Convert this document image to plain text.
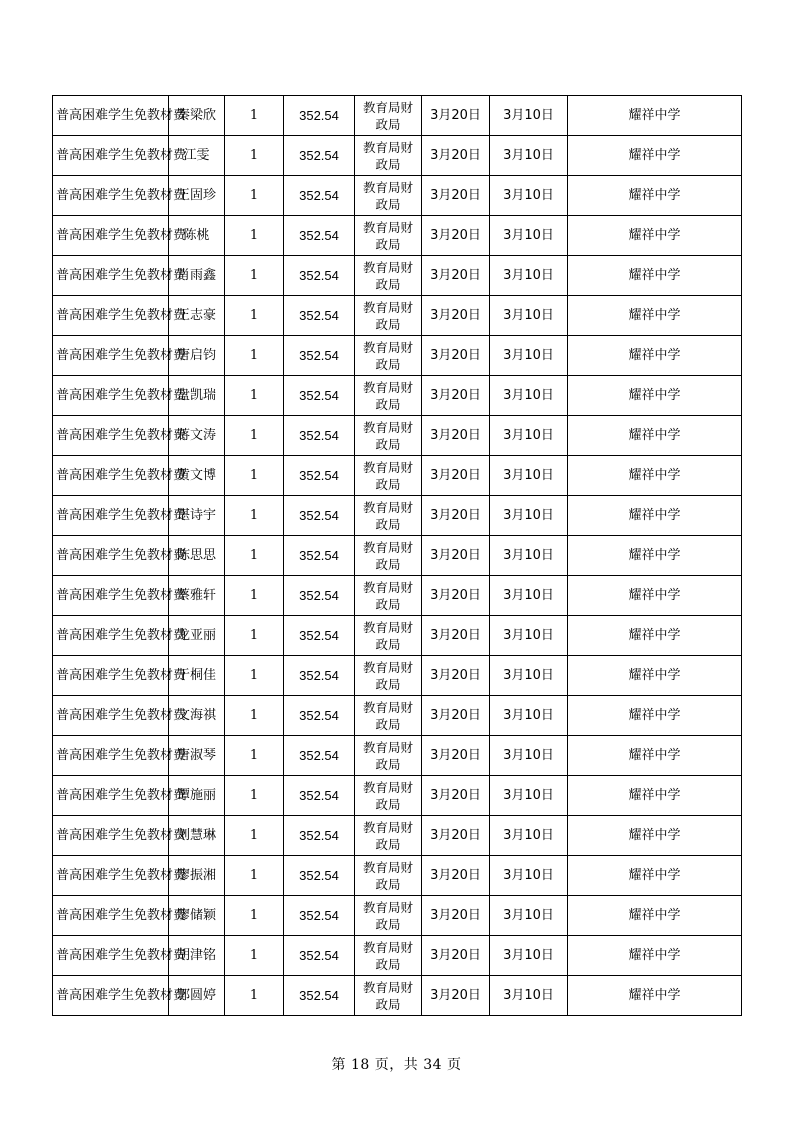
普高困难学生免教材费	秦梁欣	1	352.54	教育局财政局	3月20日	3月10日	耀祥中学
普高困难学生免教材费	江雯	1	352.54	教育局财政局	3月20日	3月10日	耀祥中学
普高困难学生免教材费	王固珍	1	352.54	教育局财政局	3月20日	3月10日	耀祥中学
普高困难学生免教材费	陈桃	1	352.54	教育局财政局	3月20日	3月10日	耀祥中学
普高困难学生免教材费	肖雨鑫	1	352.54	教育局财政局	3月20日	3月10日	耀祥中学
普高困难学生免教材费	王志豪	1	352.54	教育局财政局	3月20日	3月10日	耀祥中学
普高困难学生免教材费	唐启钧	1	352.54	教育局财政局	3月20日	3月10日	耀祥中学
普高困难学生免教材费	盘凯瑞	1	352.54	教育局财政局	3月20日	3月10日	耀祥中学
普高困难学生免教材费	蒋文涛	1	352.54	教育局财政局	3月20日	3月10日	耀祥中学
普高困难学生免教材费	黄文博	1	352.54	教育局财政局	3月20日	3月10日	耀祥中学
普高困难学生免教材费	谌诗宇	1	352.54	教育局财政局	3月20日	3月10日	耀祥中学
普高困难学生免教材费	陈思思	1	352.54	教育局财政局	3月20日	3月10日	耀祥中学
普高困难学生免教材费	蔡雅轩	1	352.54	教育局财政局	3月20日	3月10日	耀祥中学
普高困难学生免教材费	龙亚丽	1	352.54	教育局财政局	3月20日	3月10日	耀祥中学
普高困难学生免教材费	于桐佳	1	352.54	教育局财政局	3月20日	3月10日	耀祥中学
普高困难学生免教材费	文海祺	1	352.54	教育局财政局	3月20日	3月10日	耀祥中学
普高困难学生免教材费	唐淑琴	1	352.54	教育局财政局	3月20日	3月10日	耀祥中学
普高困难学生免教材费	谭施丽	1	352.54	教育局财政局	3月20日	3月10日	耀祥中学
普高困难学生免教材费	刘慧琳	1	352.54	教育局财政局	3月20日	3月10日	耀祥中学
普高困难学生免教材费	廖振湘	1	352.54	教育局财政局	3月20日	3月10日	耀祥中学
普高困难学生免教材费	廖储颖	1	352.54	教育局财政局	3月20日	3月10日	耀祥中学
普高困难学生免教材费	胡津铭	1	352.54	教育局财政局	3月20日	3月10日	耀祥中学
普高困难学生免教材费	郭圆婷	1	352.54	教育局财政局	3月20日	3月10日	耀祥中学
第 18 页，共 34 页
